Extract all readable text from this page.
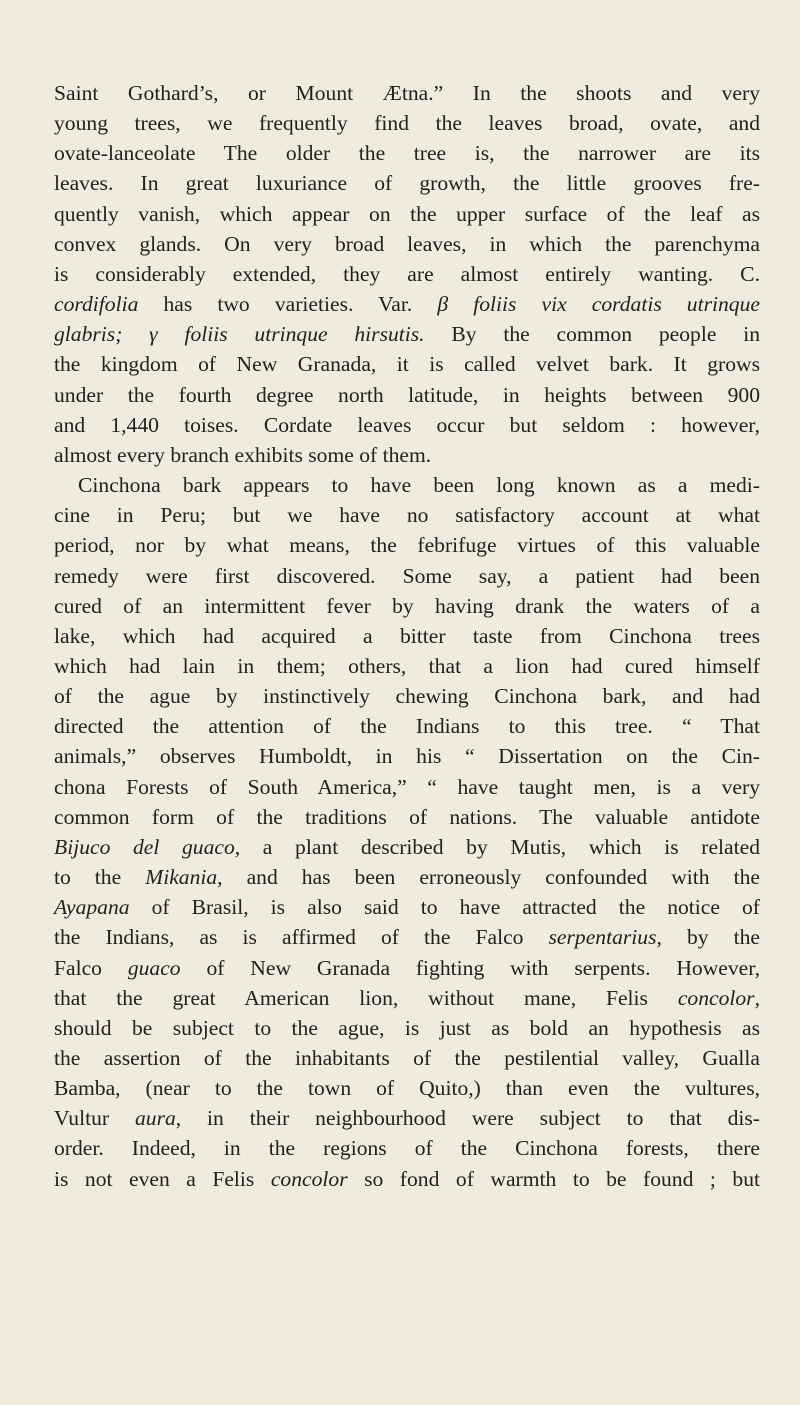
Saint Gothard’s, or Mount Ætna.” In the shoots and very
young trees, we frequently find the leaves broad, ovate, and
ovate-lanceolate The older the tree is, the narrower are its
leaves. In great luxuriance of growth, the little grooves fre-
quently vanish, which appear on the upper surface of the leaf as
convex glands. On very broad leaves, in which the parenchyma
is considerably extended, they are almost entirely wanting. C.
cordifolia has two varieties. Var. β foliis vix cordatis utrinque
glabris; γ foliis utrinque hirsutis. By the common people in
the kingdom of New Granada, it is called velvet bark. It grows
under the fourth degree north latitude, in heights between 900
and 1,440 toises. Cordate leaves occur but seldom : however,
almost every branch exhibits some of them.
Cinchona bark appears to have been long known as a medi-
cine in Peru; but we have no satisfactory account at what
period, nor by what means, the febrifuge virtues of this valuable
remedy were first discovered. Some say, a patient had been
cured of an intermittent fever by having drank the waters of a
lake, which had acquired a bitter taste from Cinchona trees
which had lain in them; others, that a lion had cured himself
of the ague by instinctively chewing Cinchona bark, and had
directed the attention of the Indians to this tree. “ That
animals,” observes Humboldt, in his “ Dissertation on the Cin-
chona Forests of South America,” “ have taught men, is a very
common form of the traditions of nations. The valuable antidote
Bijuco del guaco, a plant described by Mutis, which is related
to the Mikania, and has been erroneously confounded with the
Ayapana of Brasil, is also said to have attracted the notice of
the Indians, as is affirmed of the Falco serpentarius, by the
Falco guaco of New Granada fighting with serpents. However,
that the great American lion, without mane, Felis concolor,
should be subject to the ague, is just as bold an hypothesis as
the assertion of the inhabitants of the pestilential valley, Gualla
Bamba, (near to the town of Quito,) than even the vultures,
Vultur aura, in their neighbourhood were subject to that dis-
order. Indeed, in the regions of the Cinchona forests, there
is not even a Felis concolor so fond of warmth to be found ; but
